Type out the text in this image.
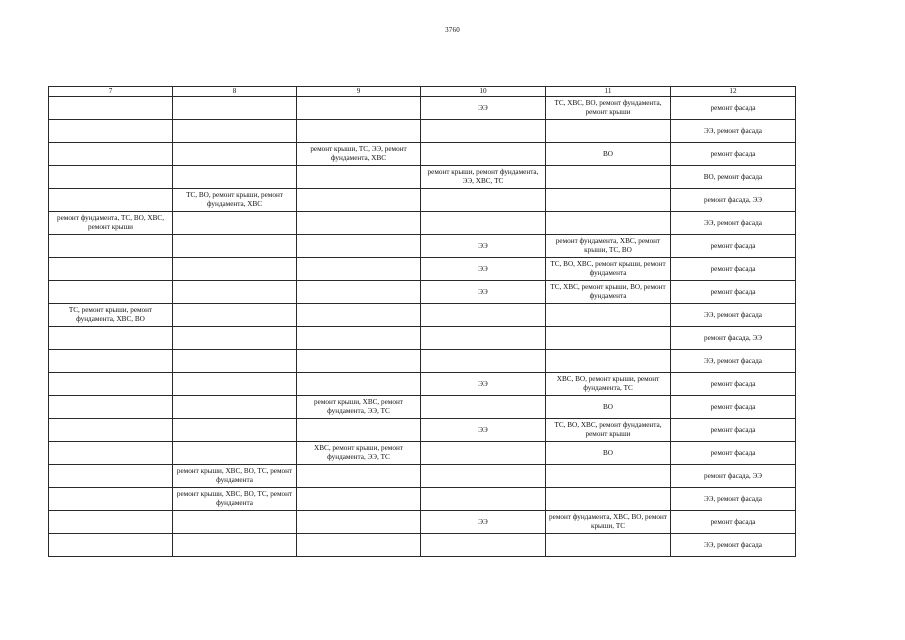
3760
7	8	9	10	11	12
			ЭЭ	ТС, ХВС, ВО, ремонт фундамента, ремонт крыши	ремонт фасада
					ЭЭ, ремонт фасада
		ремонт крыши, ТС, ЭЭ, ремонт фундамента, ХВС		ВО	ремонт фасада
			ремонт крыши, ремонт фундамента, ЭЭ, ХВС, ТС		ВО, ремонт фасада
	ТС, ВО, ремонт крыши, ремонт фундамента, ХВС				ремонт фасада, ЭЭ
ремонт фундамента, ТС, ВО, ХВС, ремонт крыши					ЭЭ, ремонт фасада
			ЭЭ	ремонт фундамента, ХВС, ремонт крыши, ТС, ВО	ремонт фасада
			ЭЭ	ТС, ВО, ХВС, ремонт крыши, ремонт фундамента	ремонт фасада
			ЭЭ	ТС, ХВС, ремонт крыши, ВО, ремонт фундамента	ремонт фасада
ТС, ремонт крыши, ремонт фундамента, ХВС, ВО					ЭЭ, ремонт фасада
					ремонт фасада, ЭЭ
					ЭЭ, ремонт фасада
			ЭЭ	ХВС, ВО, ремонт крыши, ремонт фундамента, ТС	ремонт фасада
		ремонт крыши, ХВС, ремонт фундамента, ЭЭ, ТС		ВО	ремонт фасада
			ЭЭ	ТС, ВО, ХВС, ремонт фундамента, ремонт крыши	ремонт фасада
		ХВС, ремонт крыши, ремонт фундамента, ЭЭ, ТС		ВО	ремонт фасада
	ремонт крыши, ХВС, ВО, ТС, ремонт фундамента				ремонт фасада, ЭЭ
	ремонт крыши, ХВС, ВО, ТС, ремонт фундамента				ЭЭ, ремонт фасада
			ЭЭ	ремонт фундамента, ХВС, ВО, ремонт крыши, ТС	ремонт фасада
					ЭЭ, ремонт фасада
